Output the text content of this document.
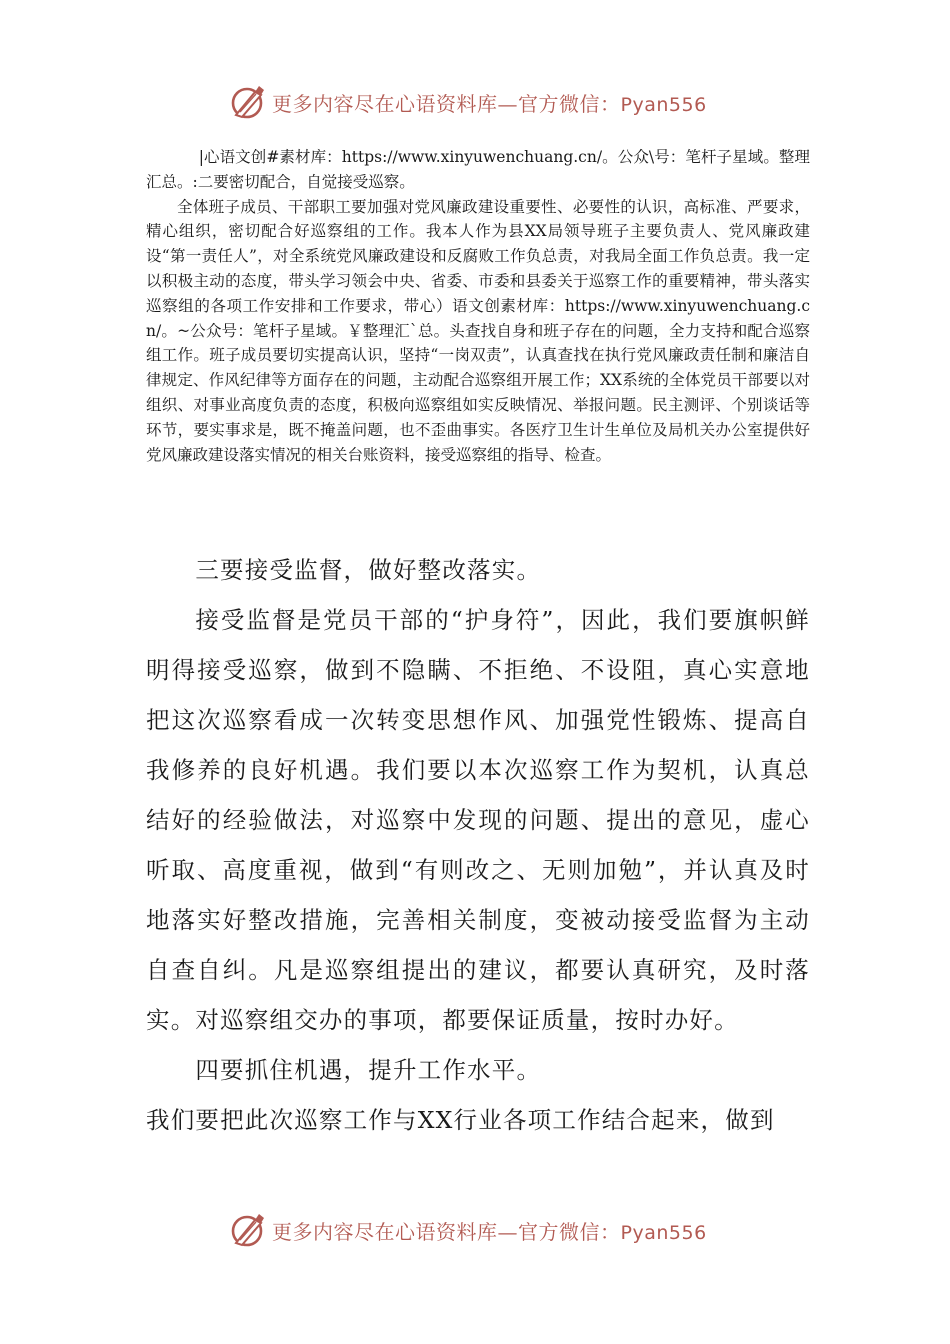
更多内容尽在心语资料库—官方微信：Pyan556

|心语文创#素材库：https://www.xinyuwenchuang.cn/。公众\号：笔杆子星域。整理汇总。:二要密切配合，自觉接受巡察。

全体班子成员、干部职工要加强对党风廉政建设重要性、必要性的认识，高标准、严要求，精心组织，密切配合好巡察组的工作。我本人作为县XX局领导班子主要负责人、党风廉政建设“第一责任人”，对全系统党风廉政建设和反腐败工作负总责，对我局全面工作负总责。我一定以积极主动的态度，带头学习领会中央、省委、市委和县委关于巡察工作的重要精神，带头落实巡察组的各项工作安排和工作要求，带心）语文创素材库：https://www.xinyuwenchuang.cn/。~公众号：笔杆子星域。￥整理汇`总。头查找自身和班子存在的问题，全力支持和配合巡察组工作。班子成员要切实提高认识，坚持“一岗双责”，认真查找在执行党风廉政责任制和廉洁自律规定、作风纪律等方面存在的问题，主动配合巡察组开展工作；XX系统的全体党员干部要以对组织、对事业高度负责的态度，积极向巡察组如实反映情况、举报问题。民主测评、个别谈话等环节，要实事求是，既不掩盖问题，也不歪曲事实。各医疗卫生计生单位及局机关办公室提供好党风廉政建设落实情况的相关台账资料，接受巡察组的指导、检查。

三要接受监督，做好整改落实。

接受监督是党员干部的“护身符”，因此，我们要旗帜鲜明得接受巡察，做到不隐瞒、不拒绝、不设阻，真心实意地把这次巡察看成一次转变思想作风、加强党性锻炼、提高自我修养的良好机遇。我们要以本次巡察工作为契机，认真总结好的经验做法，对巡察中发现的问题、提出的意见，虚心听取、高度重视，做到“有则改之、无则加勉”，并认真及时地落实好整改措施，完善相关制度，变被动接受监督为主动自查自纠。凡是巡察组提出的建议，都要认真研究，及时落实。对巡察组交办的事项，都要保证质量，按时办好。

四要抓住机遇，提升工作水平。

我们要把此次巡察工作与XX行业各项工作结合起来，做到

更多内容尽在心语资料库—官方微信：Pyan556
